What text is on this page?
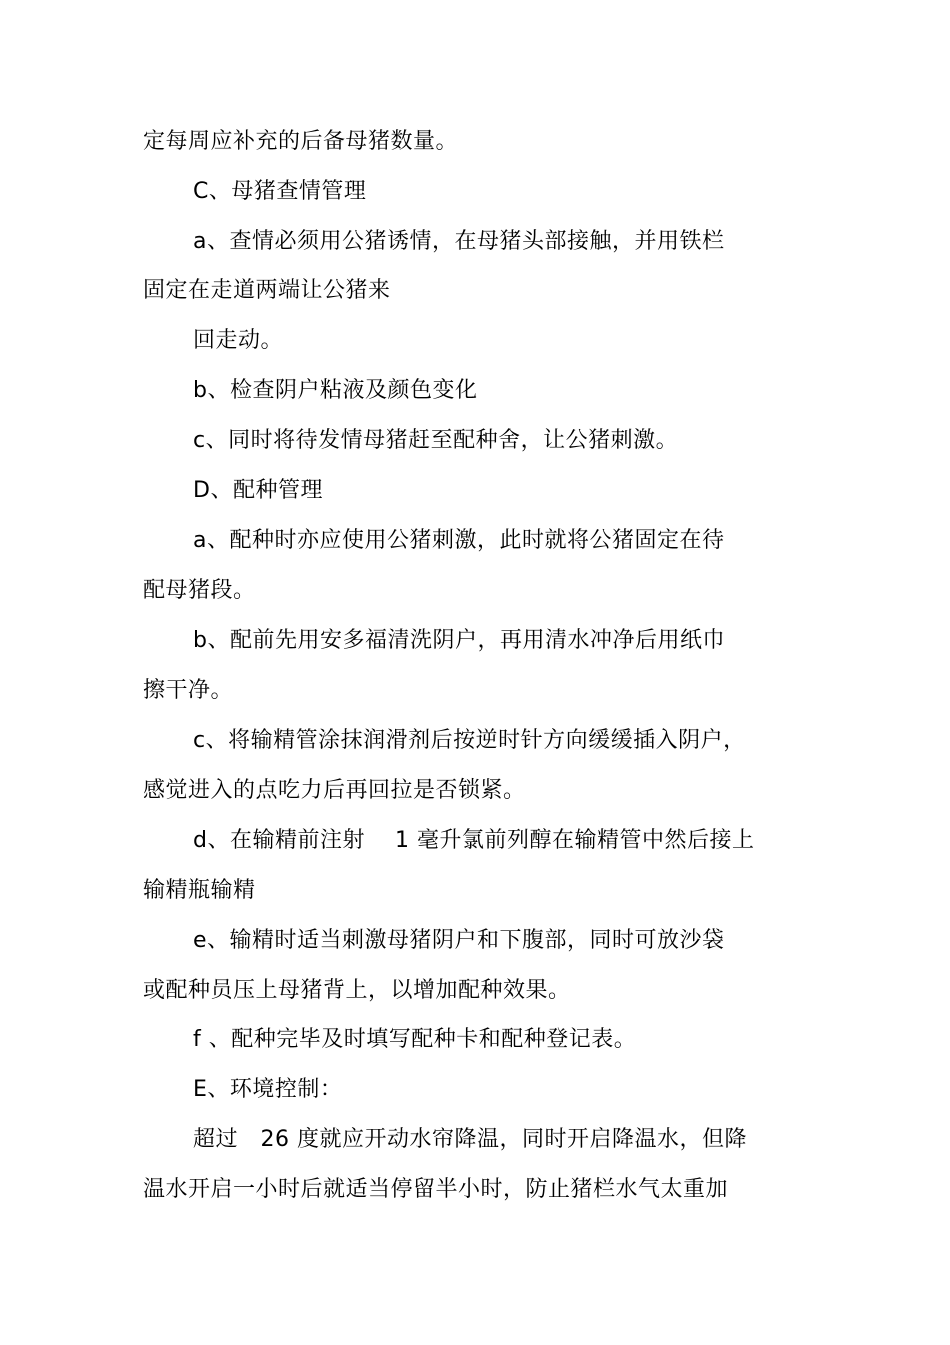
定每周应补充的后备母猪数量。
C、母猪查情管理
a、查情必须用公猪诱情，在母猪头部接触，并用铁栏
固定在走道两端让公猪来
回走动。
b、检查阴户粘液及颜色变化
c、同时将待发情母猪赶至配种舍，让公猪刺激。
D、配种管理
a、配种时亦应使用公猪刺激，此时就将公猪固定在待
配母猪段。
b、配前先用安多福清洗阴户，再用清水冲净后用纸巾
擦干净。
c、将输精管涂抹润滑剂后按逆时针方向缓缓插入阴户，
感觉进入的点吃力后再回拉是否锁紧。
d、在输精前注射　 1 毫升氯前列醇在输精管中然后接上
输精瓶输精
e、输精时适当刺激母猪阴户和下腹部，同时可放沙袋
或配种员压上母猪背上，以增加配种效果。
f 、配种完毕及时填写配种卡和配种登记表。
E、环境控制：
超过　26 度就应开动水帘降温，同时开启降温水，但降
温水开启一小时后就适当停留半小时，防止猪栏水气太重加
